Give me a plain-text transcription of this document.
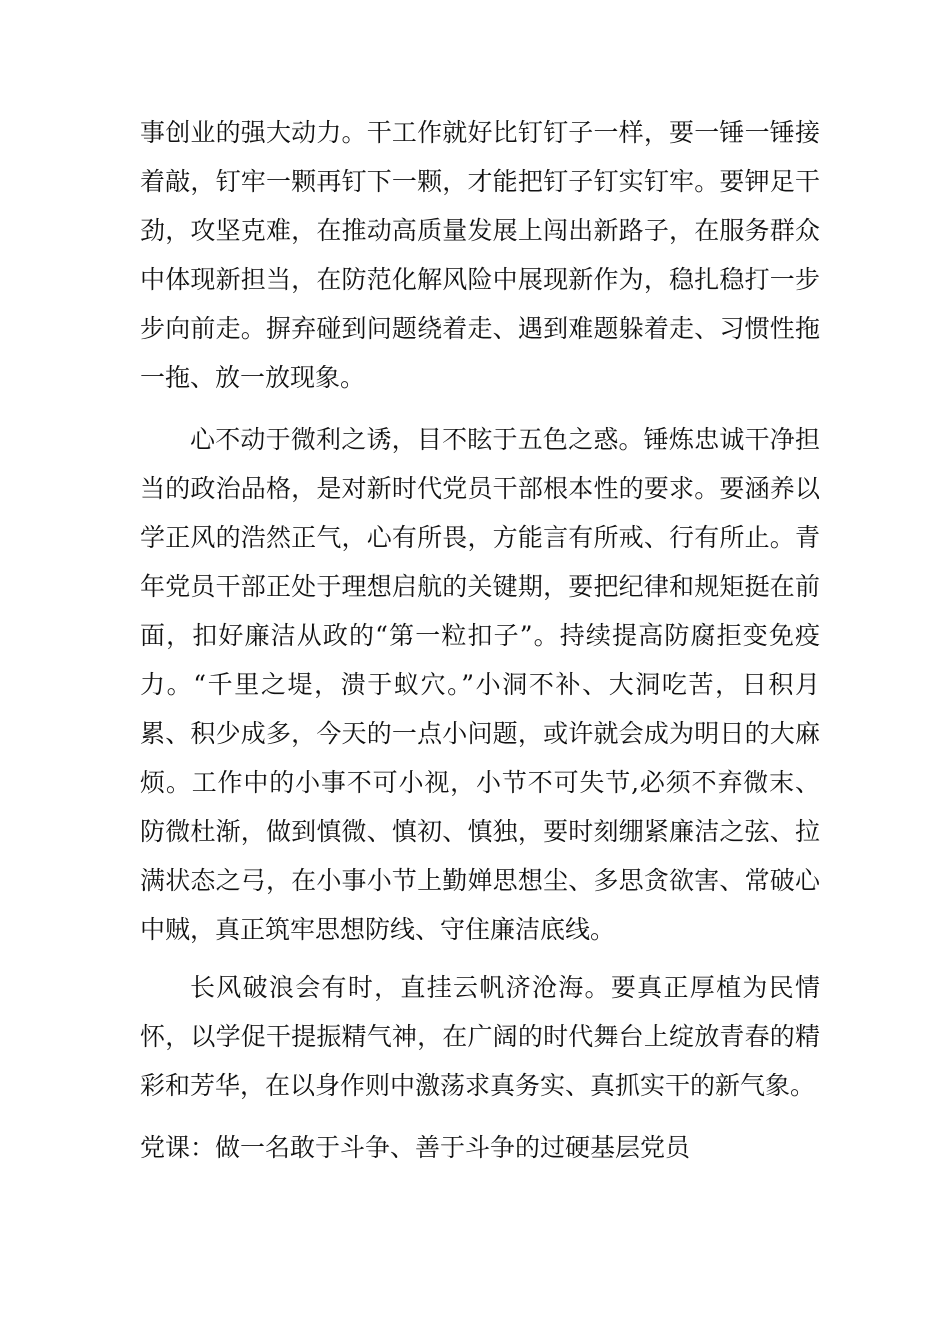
事创业的强大动力。干工作就好比钉钉子一样，要一锤一锤接着敲，钉牢一颗再钉下一颗，才能把钉子钉实钉牢。要钾足干劲，攻坚克难，在推动高质量发展上闯出新路子，在服务群众中体现新担当，在防范化解风险中展现新作为，稳扎稳打一步步向前走。摒弃碰到问题绕着走、遇到难题躲着走、习惯性拖一拖、放一放现象。

心不动于微利之诱，目不眩于五色之惑。锤炼忠诚干净担当的政治品格，是对新时代党员干部根本性的要求。要涵养以学正风的浩然正气，心有所畏，方能言有所戒、行有所止。青年党员干部正处于理想启航的关键期，要把纪律和规矩挺在前面，扣好廉洁从政的“第一粒扣子”。持续提高防腐拒变免疫力。“千里之堤，溃于蚁穴。”小洞不补、大洞吃苦，日积月累、积少成多，今天的一点小问题，或许就会成为明日的大麻烦。工作中的小事不可小视，小节不可失节,必须不弃微末、防微杜渐，做到慎微、慎初、慎独，要时刻绷紧廉洁之弦、拉满状态之弓，在小事小节上勤婵思想尘、多思贪欲害、常破心中贼，真正筑牢思想防线、守住廉洁底线。

长风破浪会有时，直挂云帆济沧海。要真正厚植为民情怀，以学促干提振精气神，在广阔的时代舞台上绽放青春的精彩和芳华，在以身作则中激荡求真务实、真抓实干的新气象。

党课：做一名敢于斗争、善于斗争的过硬基层党员
